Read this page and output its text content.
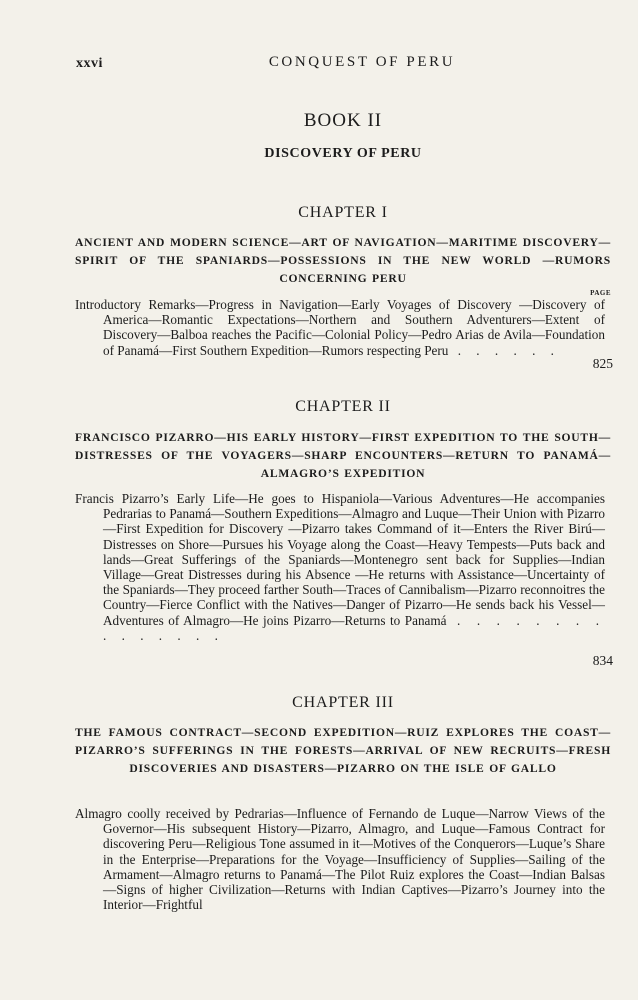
xxvi	CONQUEST OF PERU
BOOK II
DISCOVERY OF PERU
CHAPTER I
ANCIENT AND MODERN SCIENCE—ART OF NAVIGATION—MARITIME DISCOVERY—SPIRIT OF THE SPANIARDS—POSSESSIONS IN THE NEW WORLD —RUMORS CONCERNING PERU
PAGE
Introductory Remarks—Progress in Navigation—Early Voyages of Discovery —Discovery of America—Romantic Expectations—Northern and Southern Adventurers—Extent of Discovery—Balboa reaches the Pacific—Colonial Policy—Pedro Arias de Avila—Foundation of Panamá—First Southern Expedition—Rumors respecting Peru . . . . . .
825
CHAPTER II
FRANCISCO PIZARRO—HIS EARLY HISTORY—FIRST EXPEDITION TO THE SOUTH—DISTRESSES OF THE VOYAGERS—SHARP ENCOUNTERS—RETURN TO PANAMÁ—ALMAGRO’S EXPEDITION
Francis Pizarro’s Early Life—He goes to Hispaniola—Various Adventures—He accompanies Pedrarias to Panamá—Southern Expeditions—Almagro and Luque—Their Union with Pizarro—First Expedition for Discovery —Pizarro takes Command of it—Enters the River Birú—Distresses on Shore—Pursues his Voyage along the Coast—Heavy Tempests—Puts back and lands—Great Sufferings of the Spaniards—Montenegro sent back for Supplies—Indian Village—Great Distresses during his Absence —He returns with Assistance—Uncertainty of the Spaniards—They proceed farther South—Traces of Cannibalism—Pizarro reconnoitres the Country—Fierce Conflict with the Natives—Danger of Pizarro—He sends back his Vessel—Adventures of Almagro—He joins Pizarro—Returns to Panamá . . . . . . . . . . . . . . .
834
CHAPTER III
THE FAMOUS CONTRACT—SECOND EXPEDITION—RUIZ EXPLORES THE COAST—PIZARRO’S SUFFERINGS IN THE FORESTS—ARRIVAL OF NEW RECRUITS—FRESH DISCOVERIES AND DISASTERS—PIZARRO ON THE ISLE OF GALLO
Almagro coolly received by Pedrarias—Influence of Fernando de Luque—Narrow Views of the Governor—His subsequent History—Pizarro, Almagro, and Luque—Famous Contract for discovering Peru—Religious Tone assumed in it—Motives of the Conquerors—Luque’s Share in the Enterprise—Preparations for the Voyage—Insufficiency of Supplies—Sailing of the Armament—Almagro returns to Panamá—The Pilot Ruiz explores the Coast—Indian Balsas—Signs of higher Civilization—Returns with Indian Captives—Pizarro’s Journey into the Interior—Frightful
